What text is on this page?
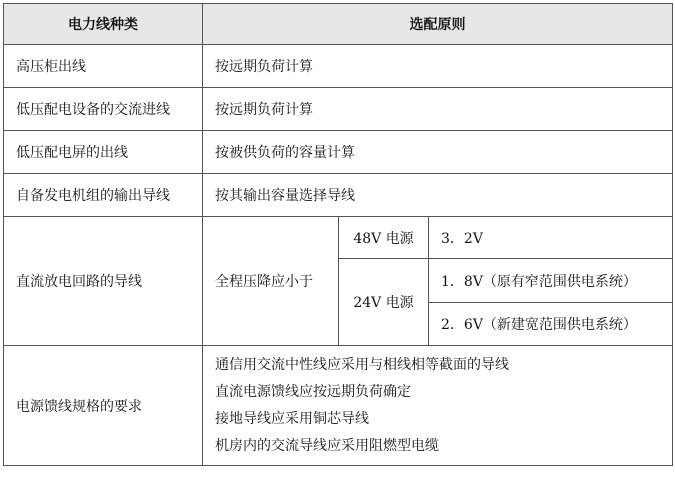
电力线种类	选配原则		
高压柜出线	按远期负荷计算		
低压配电设备的交流进线	按远期负荷计算		
低压配电屏的出线	按被供负荷的容量计算		
自备发电机组的输出导线	按其输出容量选择导线		
直流放电回路的导线	全程压降应小于	48V 电源	3．2V
		24V 电源	1．8V（原有窄范围供电系统）
			2．6V（新建宽范围供电系统）
电源馈线规格的要求	通信用交流中性线应采用与相线相等截面的导线
直流电源馈线应按远期负荷确定
接地导线应采用铜芯导线
机房内的交流导线应采用阻燃型电缆		
